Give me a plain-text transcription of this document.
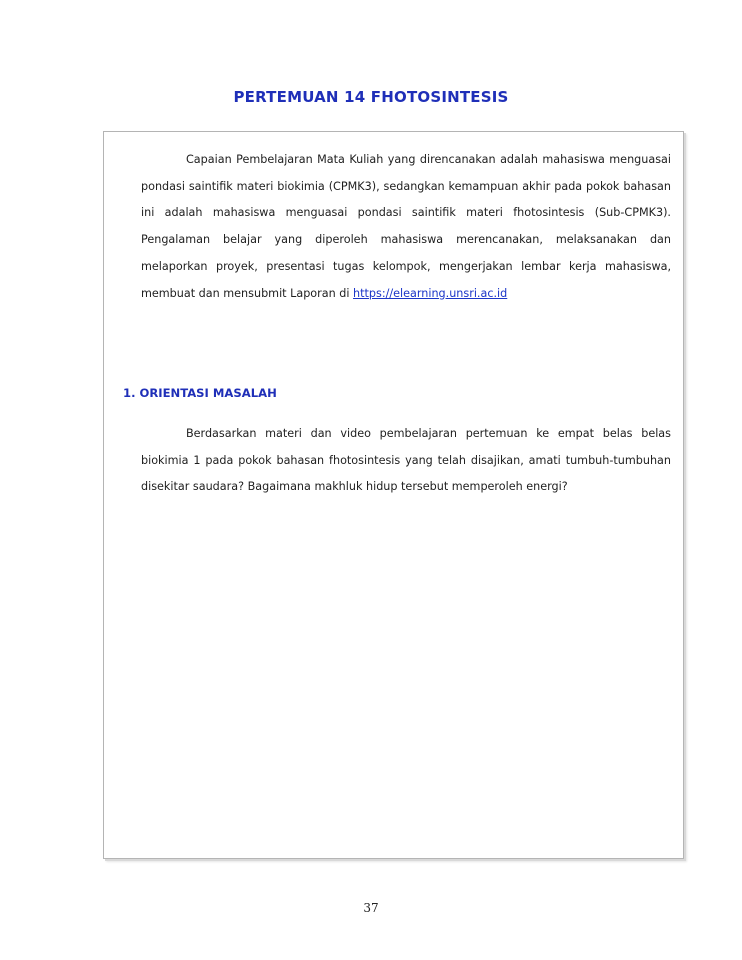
PERTEMUAN 14 FHOTOSINTESIS

Capaian Pembelajaran Mata Kuliah yang direncanakan adalah mahasiswa menguasai pondasi saintifik materi biokimia (CPMK3), sedangkan kemampuan akhir pada pokok bahasan ini adalah mahasiswa menguasai pondasi saintifik materi fhotosintesis (Sub-CPMK3). Pengalaman belajar yang diperoleh mahasiswa merencanakan, melaksanakan dan melaporkan proyek, presentasi tugas kelompok, mengerjakan lembar kerja mahasiswa, membuat dan mensubmit Laporan di https://elearning.unsri.ac.id

1. ORIENTASI MASALAH

Berdasarkan materi dan video pembelajaran pertemuan ke empat belas belas biokimia 1 pada pokok bahasan fhotosintesis yang telah disajikan, amati tumbuh-tumbuhan disekitar saudara? Bagaimana makhluk hidup tersebut memperoleh energi?

37
